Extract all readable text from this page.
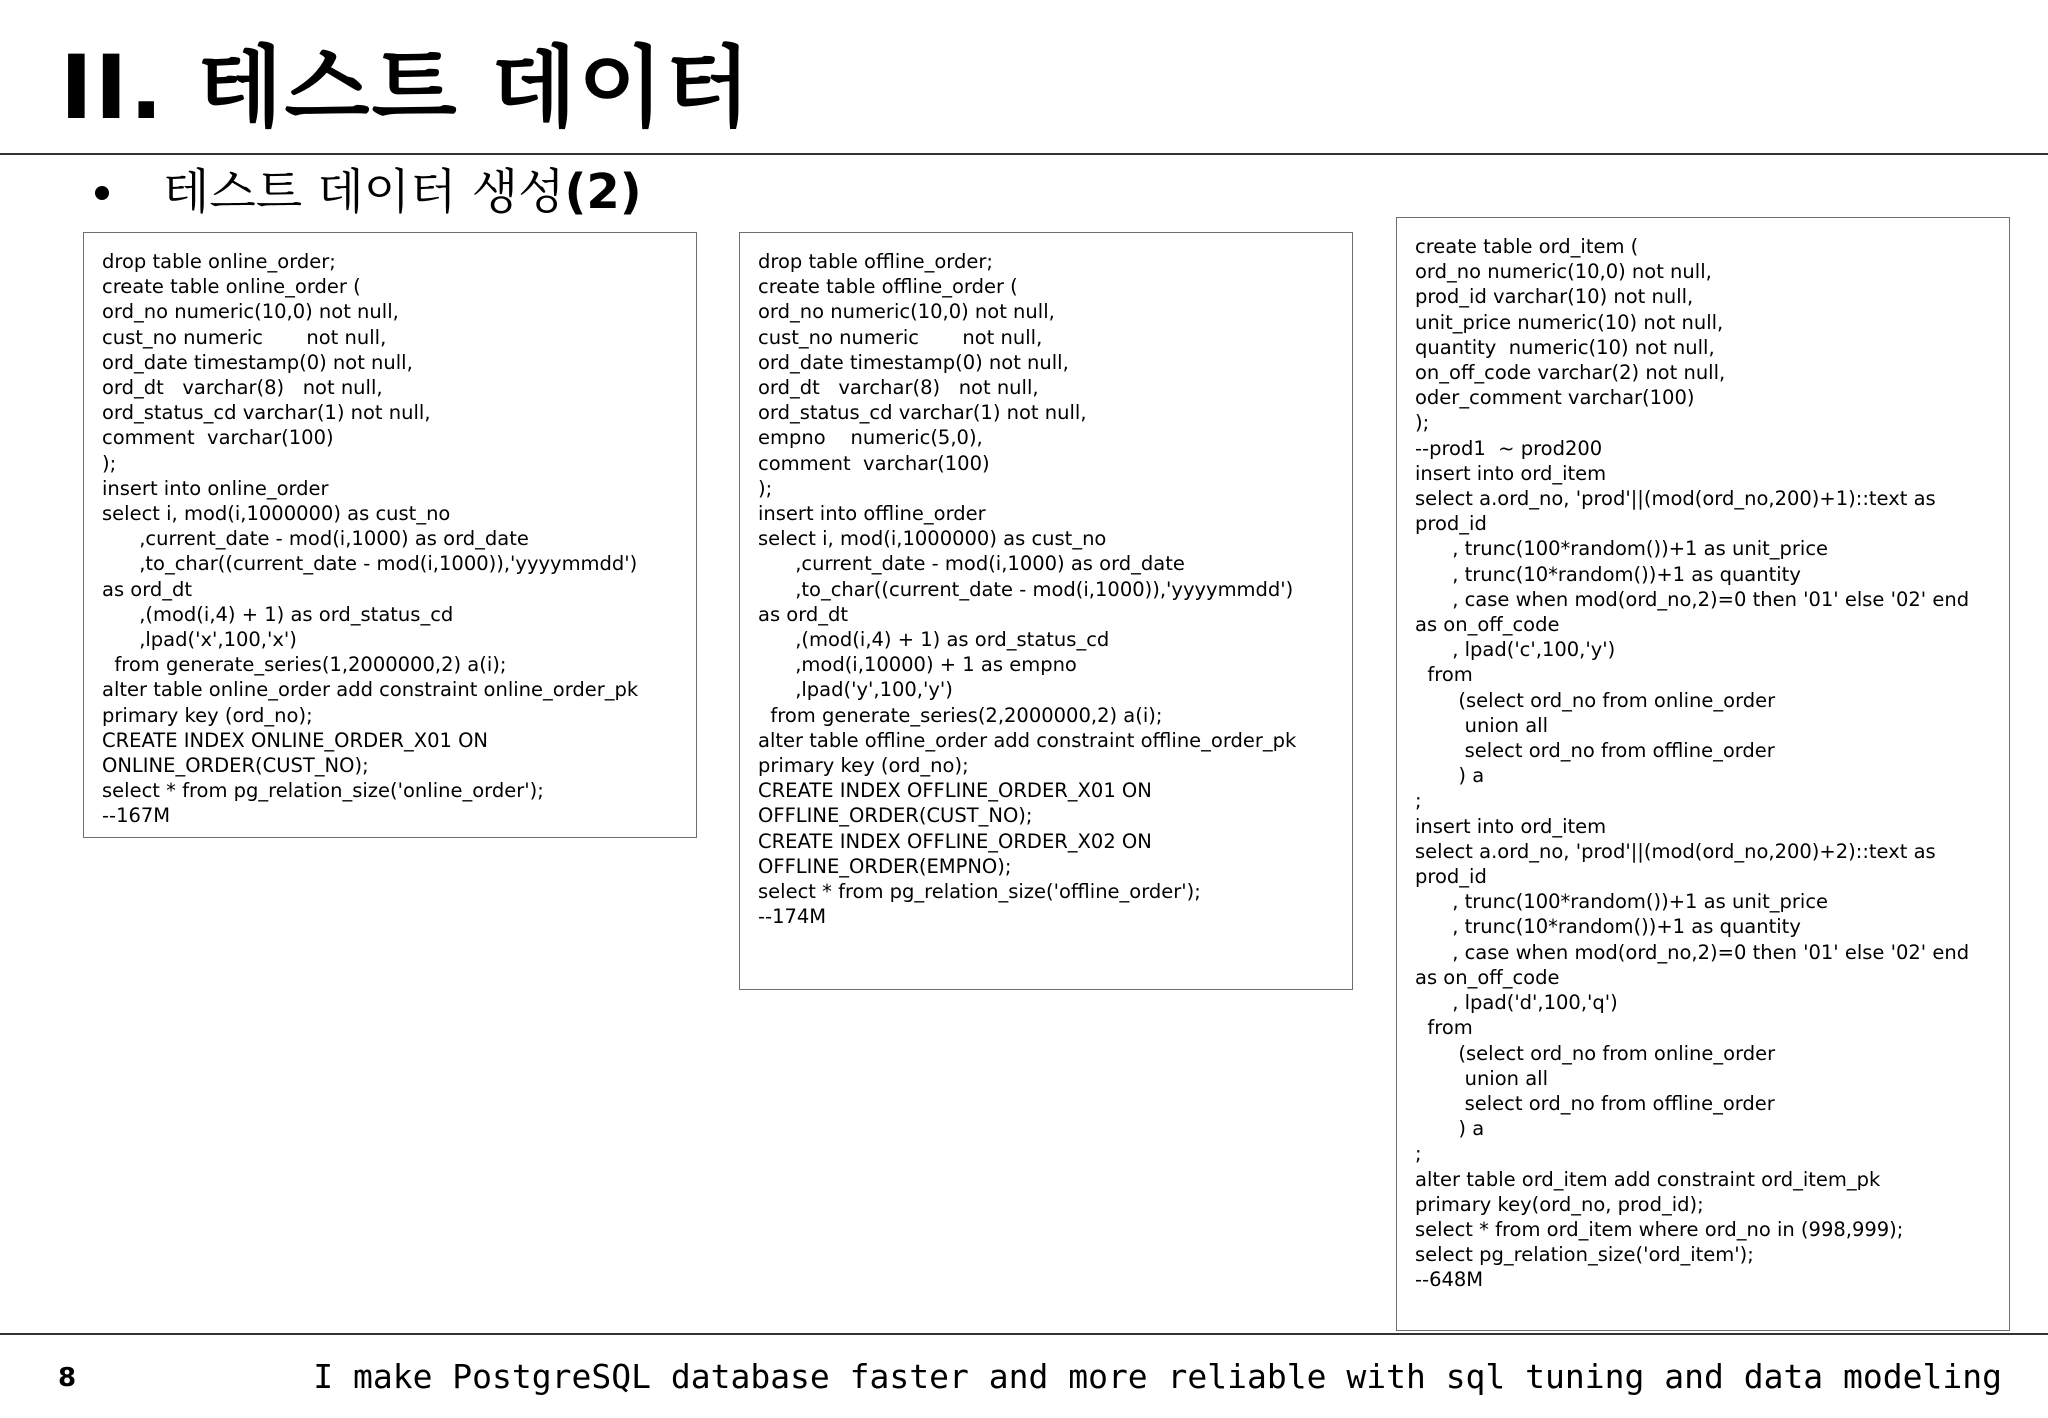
II. 테스트 데이터
테스트 데이터 생성 (2)
drop table online_order;
create table online_order (
ord_no numeric(10,0) not null,
cust_no numeric       not null,
ord_date timestamp(0) not null,
ord_dt   varchar(8)   not null,
ord_status_cd varchar(1) not null,
comment  varchar(100)
);
insert into online_order
select i, mod(i,1000000) as cust_no
,current_date - mod(i,1000) as ord_date
,to_char((current_date - mod(i,1000)),'yyyymmdd')
as ord_dt
,(mod(i,4) + 1) as ord_status_cd
,lpad('x',100,'x')
from generate_series(1,2000000,2) a(i);
alter table online_order add constraint online_order_pk
primary key (ord_no);
CREATE INDEX ONLINE_ORDER_X01 ON
ONLINE_ORDER(CUST_NO);
select * from pg_relation_size('online_order');
--167M
drop table offline_order;
create table offline_order (
ord_no numeric(10,0) not null,
cust_no numeric       not null,
ord_date timestamp(0) not null,
ord_dt   varchar(8)   not null,
ord_status_cd varchar(1) not null,
empno    numeric(5,0),
comment  varchar(100)
);
insert into offline_order
select i, mod(i,1000000) as cust_no
,current_date - mod(i,1000) as ord_date
,to_char((current_date - mod(i,1000)),'yyyymmdd')
as ord_dt
,(mod(i,4) + 1) as ord_status_cd
,mod(i,10000) + 1 as empno
,lpad('y',100,'y')
from generate_series(2,2000000,2) a(i);
alter table offline_order add constraint offline_order_pk
primary key (ord_no);
CREATE INDEX OFFLINE_ORDER_X01 ON
OFFLINE_ORDER(CUST_NO);
CREATE INDEX OFFLINE_ORDER_X02 ON
OFFLINE_ORDER(EMPNO);
select * from pg_relation_size('offline_order');
--174M
create table ord_item (
ord_no numeric(10,0) not null,
prod_id varchar(10) not null,
unit_price numeric(10) not null,
quantity  numeric(10) not null,
on_off_code varchar(2) not null,
oder_comment varchar(100)
);
--prod1  ~ prod200
insert into ord_item
select a.ord_no, 'prod'||(mod(ord_no,200)+1)::text as
prod_id
, trunc(100*random())+1 as unit_price
, trunc(10*random())+1 as quantity
, case when mod(ord_no,2)=0 then '01' else '02' end
as on_off_code
, lpad('c',100,'y')
from
(select ord_no from online_order
union all
select ord_no from offline_order
) a
;
insert into ord_item
select a.ord_no, 'prod'||(mod(ord_no,200)+2)::text as
prod_id
, trunc(100*random())+1 as unit_price
, trunc(10*random())+1 as quantity
, case when mod(ord_no,2)=0 then '01' else '02' end
as on_off_code
, lpad('d',100,'q')
from
(select ord_no from online_order
union all
select ord_no from offline_order
) a
;
alter table ord_item add constraint ord_item_pk
primary key(ord_no, prod_id);
select * from ord_item where ord_no in (998,999);
select pg_relation_size('ord_item');
--648M
8	I make PostgreSQL database faster and more reliable with sql tuning and data modeling
